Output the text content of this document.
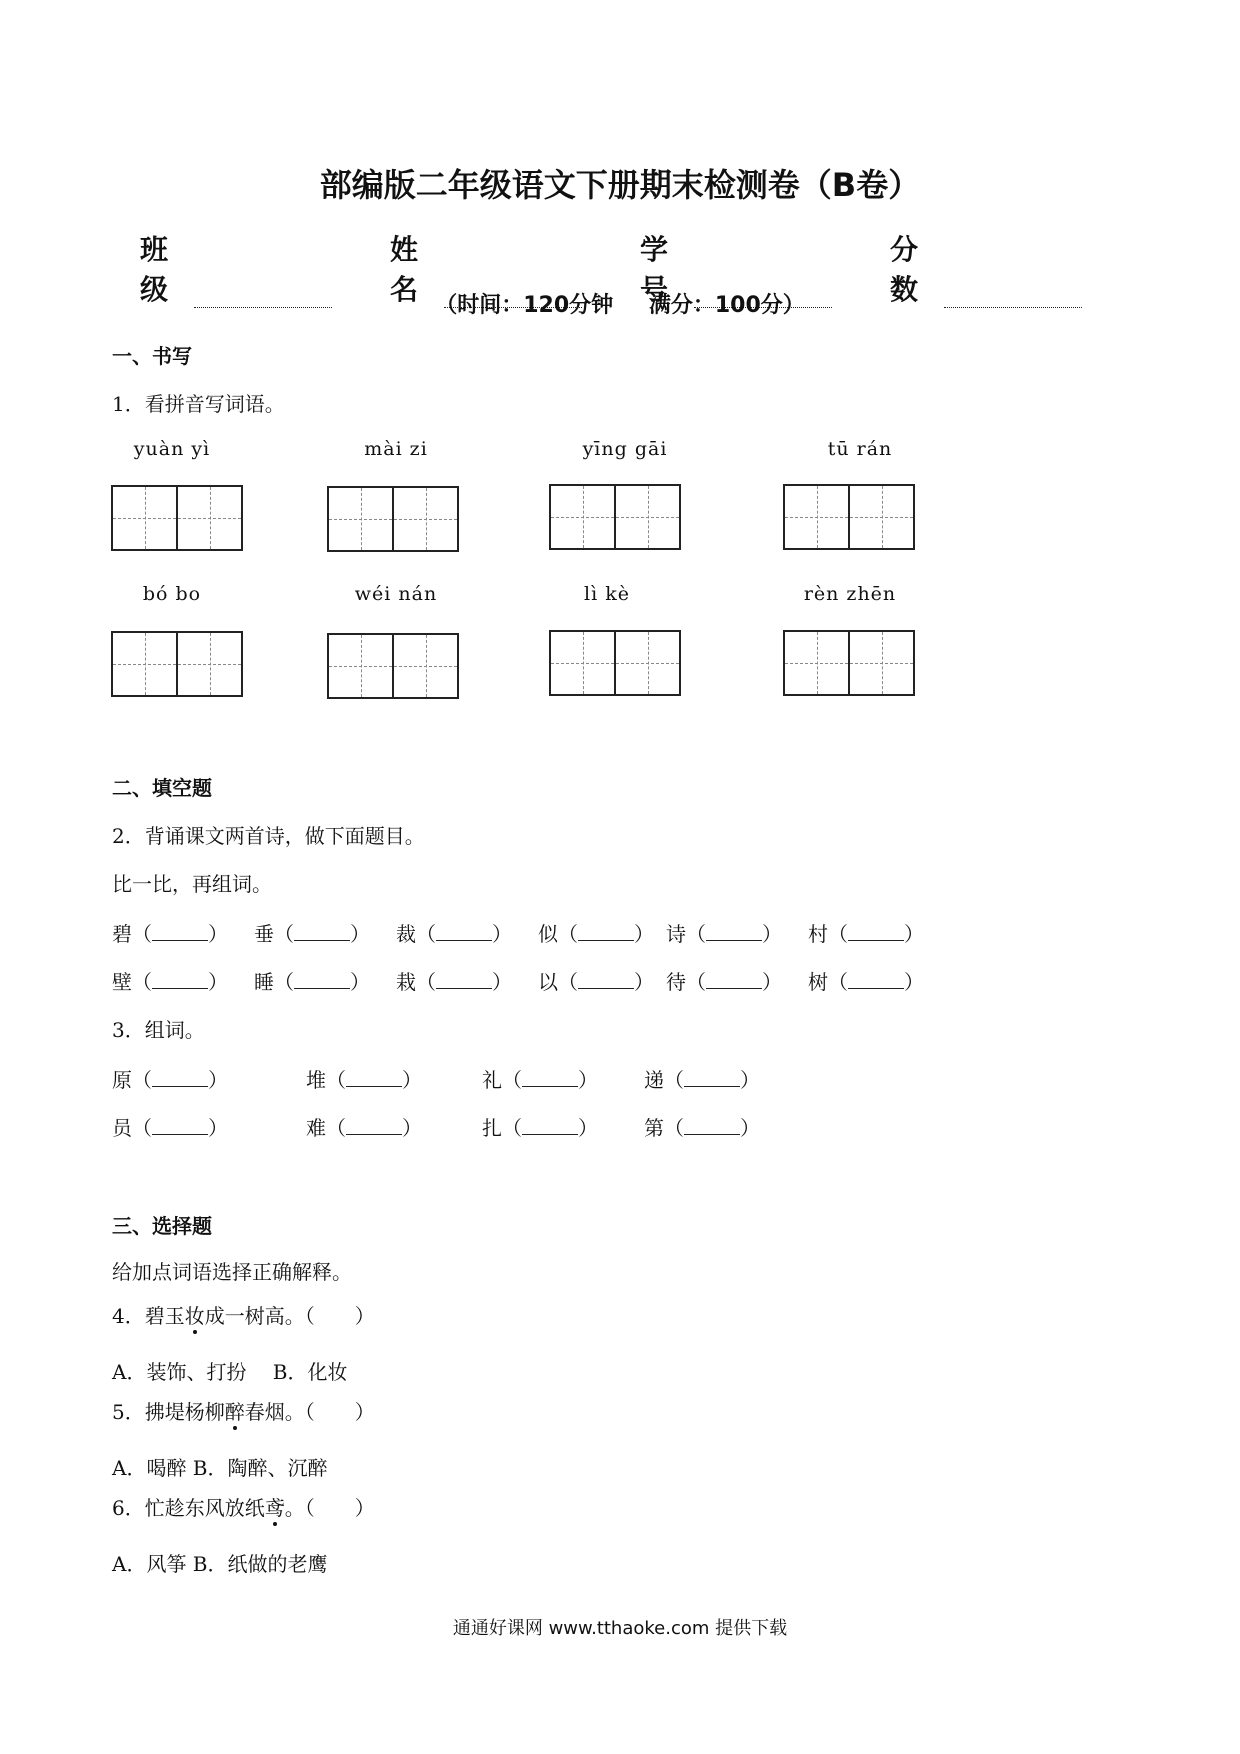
部编版二年级语文下册期末检测卷（B卷）
班级
姓名
学号
分数
（时间：120分钟 满分：100分）
一、书写
1．看拼音写词语。
yuàn yì	mài zi	yīng gāi	tū rán
bó bo	wéi nán	lì kè	rèn zhēn
二、填空题
2．背诵课文两首诗，做下面题目。
比一比，再组词。
碧（	） 垂（	） 裁（	） 似（	） 诗（	） 村（	）
壁（	） 睡（	） 栽（	） 以（	） 待（	） 树（	）
3．组词。
原（	）	堆（	）	礼（	） 递（	）
员（	）	难（	）	扎（	） 第（	）
三、选择题
给加点词语选择正确解释。
4．碧玉妆成一树高。（　　）
A．装饰、打扮　 B．化妆
5．拂堤杨柳醉春烟。（　　）
A．喝醉 B．陶醉、沉醉
6．忙趁东风放纸鸢。（　　）
A．风筝 B．纸做的老鹰
通通好课网 www.tthaoke.com 提供下载
